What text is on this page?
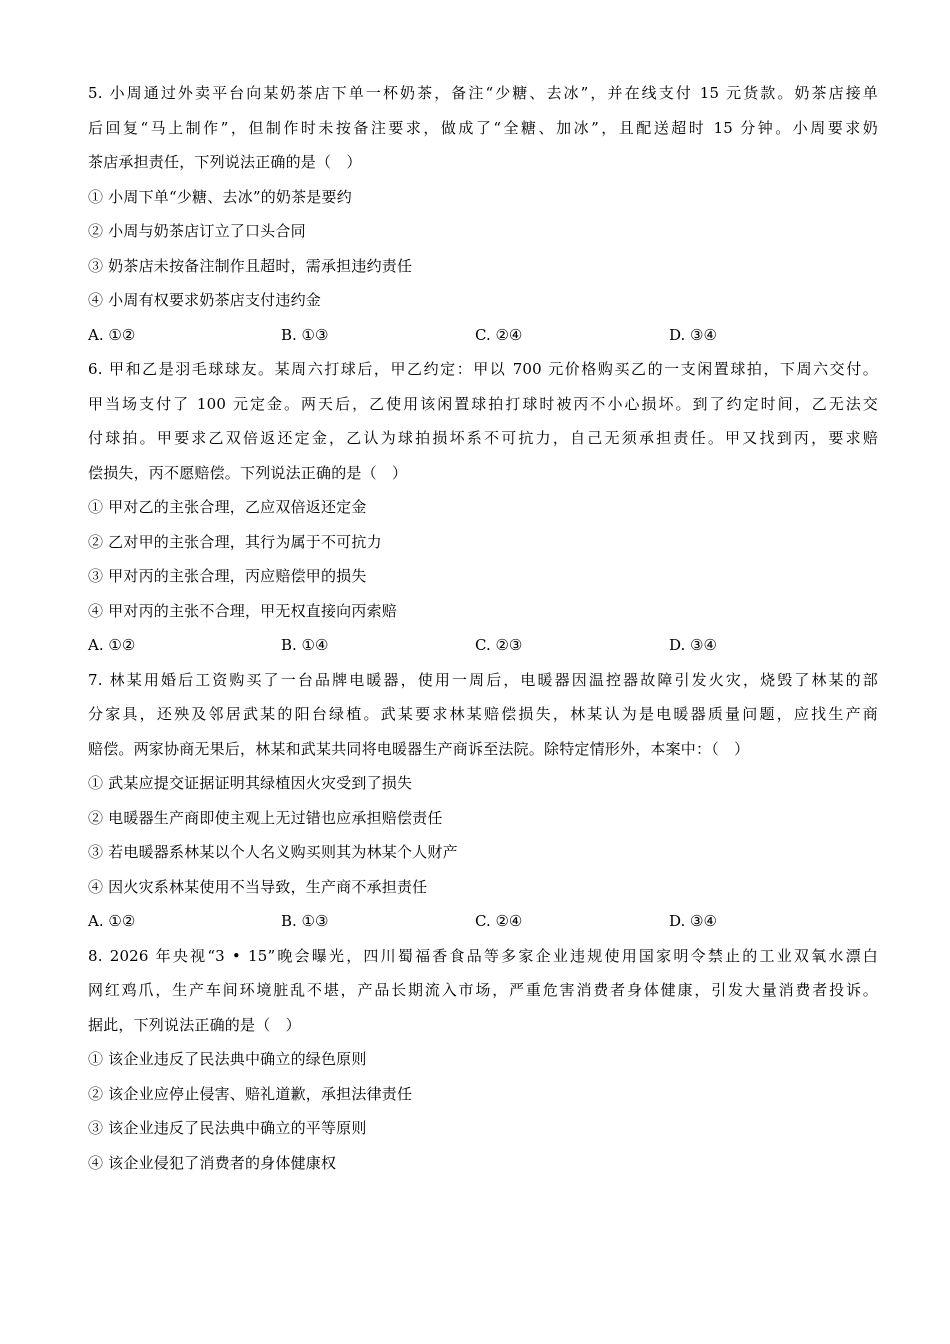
5. 小周通过外卖平台向某奶茶店下单一杯奶茶，备注“少糖、去冰”，并在线支付 15 元货款。奶茶店接单
后回复“马上制作”，但制作时未按备注要求，做成了“全糖、加冰”，且配送超时 15 分钟。小周要求奶
茶店承担责任，下列说法正确的是（　）
① 小周下单“少糖、去冰”的奶茶是要约
② 小周与奶茶店订立了口头合同
③ 奶茶店未按备注制作且超时，需承担违约责任
④ 小周有权要求奶茶店支付违约金
A. ①②	B. ①③	C. ②④	D. ③④
6. 甲和乙是羽毛球球友。某周六打球后，甲乙约定：甲以 700 元价格购买乙的一支闲置球拍，下周六交付。
甲当场支付了 100 元定金。两天后，乙使用该闲置球拍打球时被丙不小心损坏。到了约定时间，乙无法交
付球拍。甲要求乙双倍返还定金，乙认为球拍损坏系不可抗力，自己无须承担责任。甲又找到丙，要求赔
偿损失，丙不愿赔偿。下列说法正确的是（　）
① 甲对乙的主张合理，乙应双倍返还定金
② 乙对甲的主张合理，其行为属于不可抗力
③ 甲对丙的主张合理，丙应赔偿甲的损失
④ 甲对丙的主张不合理，甲无权直接向丙索赔
A. ①②	B. ①④	C. ②③	D. ③④
7. 林某用婚后工资购买了一台品牌电暖器，使用一周后，电暖器因温控器故障引发火灾，烧毁了林某的部
分家具，还殃及邻居武某的阳台绿植。武某要求林某赔偿损失，林某认为是电暖器质量问题，应找生产商
赔偿。两家协商无果后，林某和武某共同将电暖器生产商诉至法院。除特定情形外，本案中：（　）
① 武某应提交证据证明其绿植因火灾受到了损失
② 电暖器生产商即使主观上无过错也应承担赔偿责任
③ 若电暖器系林某以个人名义购买则其为林某个人财产
④ 因火灾系林某使用不当导致，生产商不承担责任
A. ①②	B. ①③	C. ②④	D. ③④
8. 2026 年央视“3 • 15”晚会曝光，四川蜀福香食品等多家企业违规使用国家明令禁止的工业双氧水漂白
网红鸡爪，生产车间环境脏乱不堪，产品长期流入市场，严重危害消费者身体健康，引发大量消费者投诉。
据此，下列说法正确的是（　）
① 该企业违反了民法典中确立的绿色原则
② 该企业应停止侵害、赔礼道歉，承担法律责任
③ 该企业违反了民法典中确立的平等原则
④ 该企业侵犯了消费者的身体健康权
